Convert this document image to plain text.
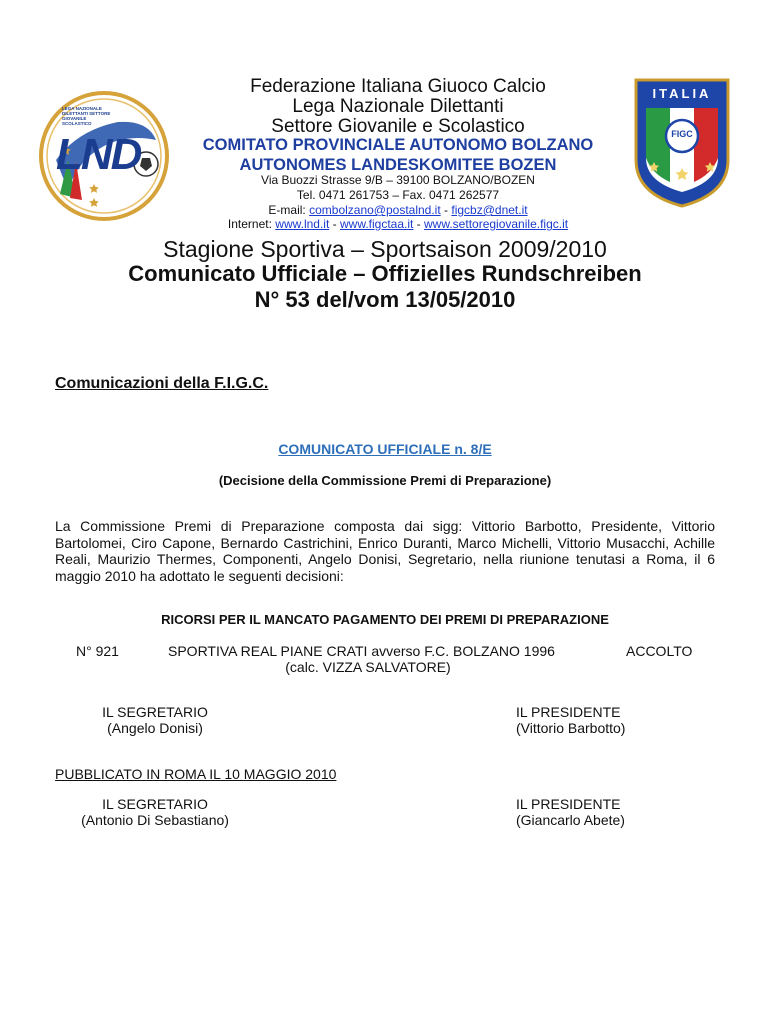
LND
LEGA NAZIONALE DILETTANTI SETTORE GIOVANILE SCOLASTICO
ITALIA
FIGC
Federazione Italiana Giuoco Calcio
Lega Nazionale Dilettanti
Settore Giovanile e Scolastico
COMITATO PROVINCIALE AUTONOMO BOLZANO
AUTONOMES LANDESKOMITEE BOZEN
Via Buozzi Strasse 9/B – 39100 BOLZANO/BOZEN
Tel. 0471 261753 – Fax. 0471 262577
E-mail: combolzano@postalnd.it - figcbz@dnet.it
Internet: www.lnd.it - www.figctaa.it - www.settoregiovanile.figc.it
Stagione Sportiva – Sportsaison 2009/2010
Comunicato Ufficiale – Offizielles Rundschreiben
N° 53 del/vom 13/05/2010
Comunicazioni della F.I.G.C.
COMUNICATO UFFICIALE n. 8/E
(Decisione della Commissione Premi di Preparazione)
La Commissione Premi di Preparazione composta dai sigg: Vittorio Barbotto, Presidente, Vittorio
Bartolomei, Ciro Capone, Bernardo Castrichini, Enrico Duranti, Marco Michelli, Vittorio Musacchi, Achille
Reali, Maurizio Thermes, Componenti, Angelo Donisi, Segretario, nella riunione tenutasi a Roma, il 6
maggio 2010 ha adottato le seguenti decisioni:
RICORSI PER IL MANCATO PAGAMENTO DEI PREMI DI PREPARAZIONE
N° 921	SPORTIVA REAL PIANE CRATI avverso F.C. BOLZANO 1996	ACCOLTO
(calc. VIZZA SALVATORE)
IL SEGRETARIO
(Angelo Donisi)
IL PRESIDENTE
(Vittorio Barbotto)
PUBBLICATO IN ROMA IL 10 MAGGIO 2010
IL SEGRETARIO
(Antonio Di Sebastiano)
IL PRESIDENTE
(Giancarlo Abete)
